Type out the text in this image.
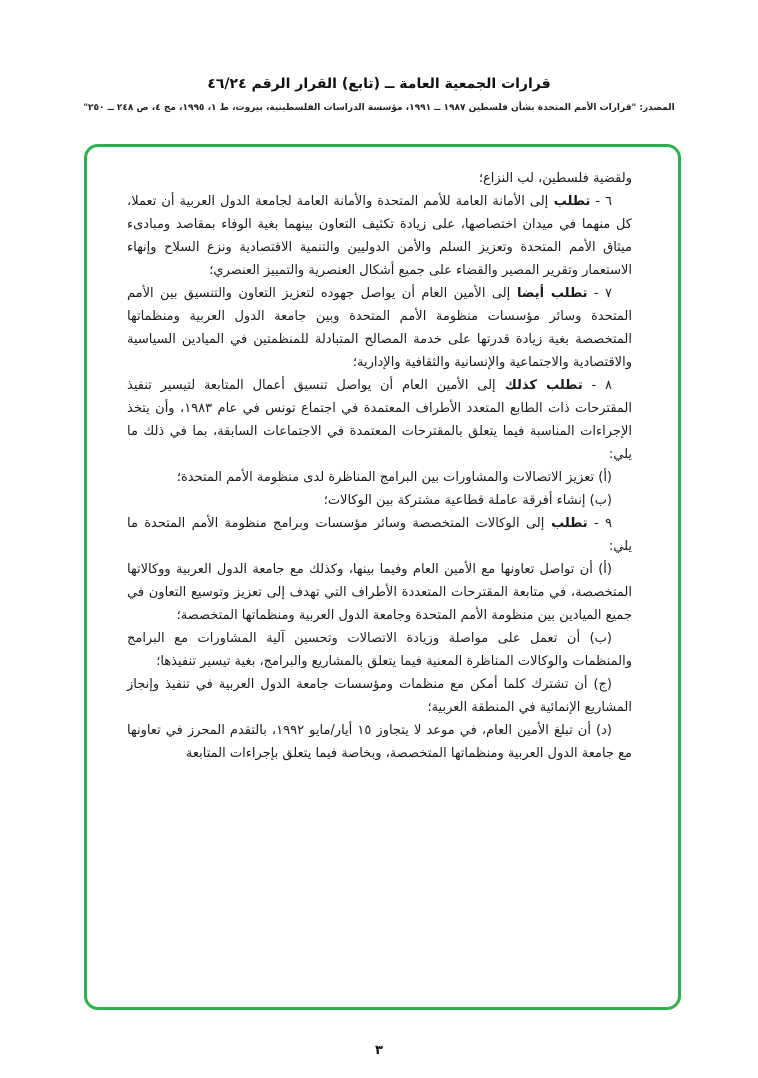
قرارات الجمعية العامة ــ (تابع) القرار الرقم ٤٦/٢٤
المصدر: "قرارات الأمم المتحدة بشأن فلسطين ١٩٨٧ ــ ١٩٩١، مؤسسة الدراسات الفلسطينية، بيروت، ط ١، ١٩٩٥، مج ٤، ص ٢٤٨ ــ ٢٥٠"

ولقضية فلسطين، لب النزاع؛

٦ - تطلب إلى الأمانة العامة للأمم المتحدة والأمانة العامة لجامعة الدول العربية أن تعملا، كل منهما في ميدان اختصاصها، على زيادة تكثيف التعاون بينهما بغية الوفاء بمقاصد ومبادىء ميثاق الأمم المتحدة وتعزيز السلم والأمن الدوليين والتنمية الاقتصادية ونزع السلاح وإنهاء الاستعمار وتقرير المصير والقضاء على جميع أشكال العنصرية والتمييز العنصري؛

٧ - تطلب أيضا إلى الأمين العام أن يواصل جهوده لتعزيز التعاون والتنسيق بين الأمم المتحدة وسائر مؤسسات منظومة الأمم المتحدة وبين جامعة الدول العربية ومنظماتها المتخصصة بغية زيادة قدرتها على خدمة المصالح المتبادلة للمنظمتين في الميادين السياسية والاقتصادية والاجتماعية والإنسانية والثقافية والإدارية؛

٨ - تطلب كذلك إلى الأمين العام أن يواصل تنسيق أعمال المتابعة لتيسير تنفيذ المقترحات ذات الطابع المتعدد الأطراف المعتمدة في اجتماع تونس في عام ١٩٨٣، وأن يتخذ الإجراءات المناسبة فيما يتعلق بالمقترحات المعتمدة في الاجتماعات السابقة، بما في ذلك ما يلي:

(أ) تعزيز الاتصالات والمشاورات بين البرامج المناظرة لدى منظومة الأمم المتحدة؛

(ب) إنشاء أفرقة عاملة قطاعية مشتركة بين الوكالات؛

٩ - تطلب إلى الوكالات المتخصصة وسائر مؤسسات وبرامج منظومة الأمم المتحدة ما يلي:

(أ) أن تواصل تعاونها مع الأمين العام وفيما بينها، وكذلك مع جامعة الدول العربية ووكالاتها المتخصصة، في متابعة المقترحات المتعددة الأطراف التي تهدف إلى تعزيز وتوسيع التعاون في جميع الميادين بين منظومة الأمم المتحدة وجامعة الدول العربية ومنظماتها المتخصصة؛

(ب) أن تعمل على مواصلة وزيادة الاتصالات وتحسين آلية المشاورات مع البرامج والمنظمات والوكالات المناظرة المعنية فيما يتعلق بالمشاريع والبرامج، بغية تيسير تنفيذها؛

(ج) أن تشترك كلما أمكن مع منظمات ومؤسسات جامعة الدول العربية في تنفيذ وإنجاز المشاريع الإنمائية في المنطقة العربية؛

(د) أن تبلغ الأمين العام، في موعد لا يتجاوز ١٥ أيار/مايو ١٩٩٢، بالتقدم المحرز في تعاونها مع جامعة الدول العربية ومنظماتها المتخصصة، وبخاصة فيما يتعلق بإجراءات المتابعة

٣
